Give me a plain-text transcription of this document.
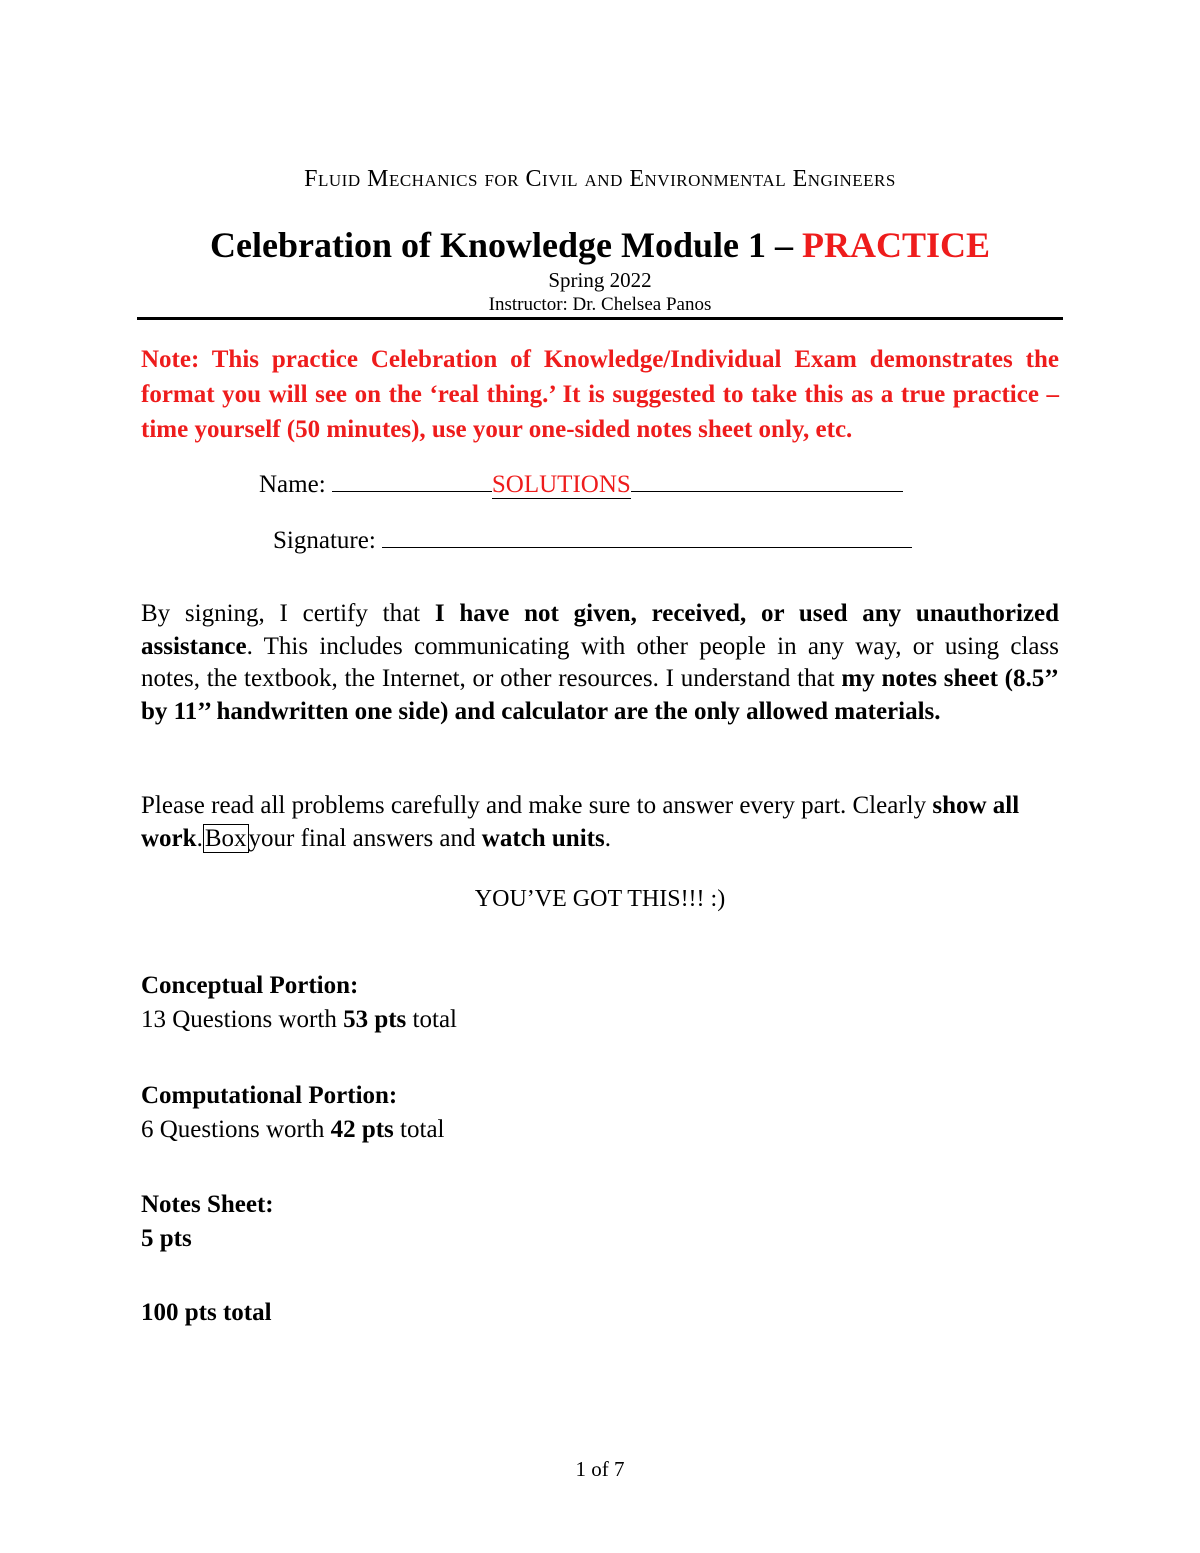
Fluid Mechanics for Civil and Environmental Engineers
Celebration of Knowledge Module 1 – PRACTICE
Spring 2022
Instructor: Dr. Chelsea Panos
Note: This practice Celebration of Knowledge/Individual Exam demonstrates the format you will see on the ‘real thing.’ It is suggested to take this as a true practice – time yourself (50 minutes), use your one-sided notes sheet only, etc.
Name:	SOLUTIONS
Signature:

By signing, I certify that I have not given, received, or used any unauthorized assistance. This includes communicating with other people in any way, or using class notes, the textbook, the Internet, or other resources. I understand that my notes sheet (8.5’’ by 11’’ handwritten one side) and calculator are the only allowed materials.

Please read all problems carefully and make sure to answer every part. Clearly show all work.Boxyour final answers and watch units.
YOU’VE GOT THIS!!! :)
Conceptual Portion:
13 Questions worth 53 pts total
Computational Portion:
6 Questions worth 42 pts total
Notes Sheet:
5 pts
100 pts total
1 of 7
